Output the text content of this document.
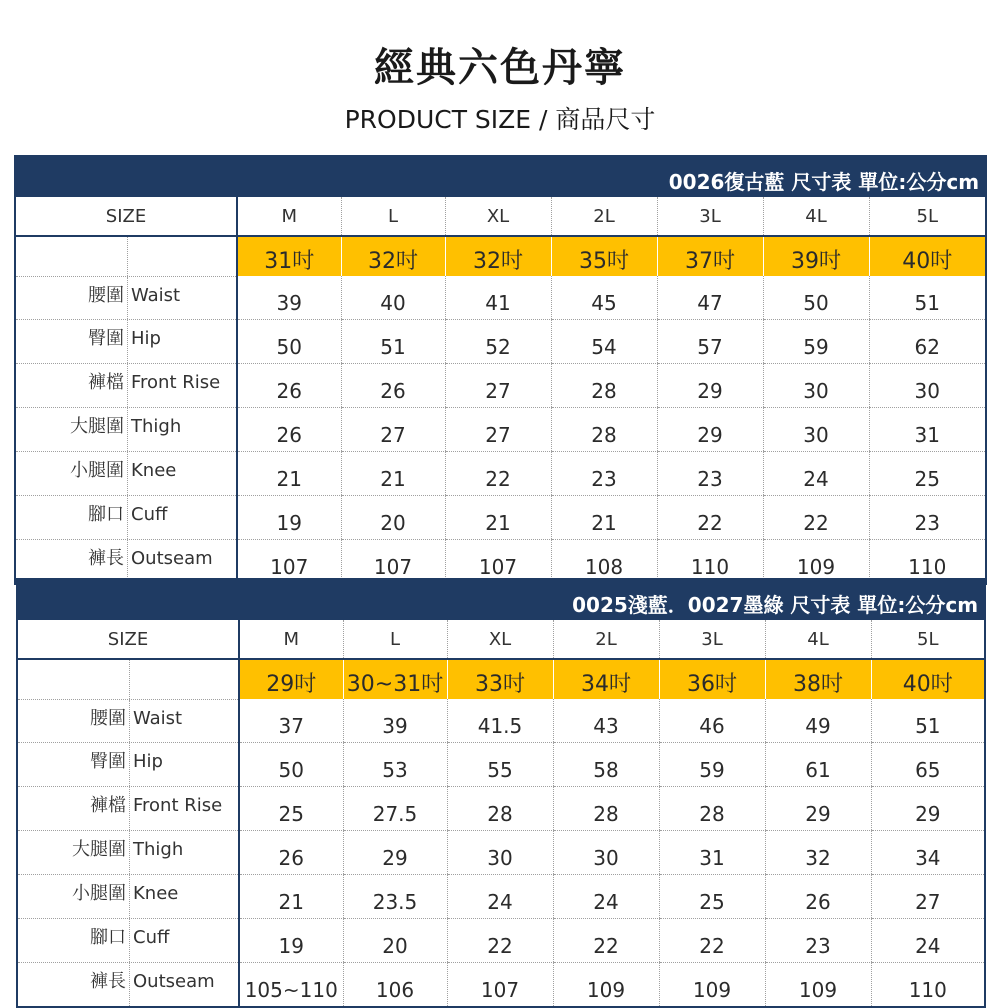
經典六色丹寧
PRODUCT SIZE / 商品尺寸
0026復古藍 尺寸表 單位:公分cm							
SIZE	M	L	XL	2L	3L	4L	5L

	31吋	32吋	32吋	35吋	37吋	39吋	40吋

腰圍 Waist	39	40	41	45	47	50	51

臀圍 Hip	50	51	52	54	57	59	62

褲檔 Front Rise	26	26	27	28	29	30	30

大腿圍 Thigh	26	27	27	28	29	30	31

小腿圍 Knee	21	21	22	23	23	24	25

腳口 Cuff	19	20	21	21	22	22	23

褲長 Outseam	107	107	107	108	110	109	110
0025淺藍．0027墨綠 尺寸表 單位:公分cm							
SIZE	M	L	XL	2L	3L	4L	5L

	29吋	30~31吋	33吋	34吋	36吋	38吋	40吋

腰圍 Waist	37	39	41.5	43	46	49	51

臀圍 Hip	50	53	55	58	59	61	65

褲檔 Front Rise	25	27.5	28	28	28	29	29

大腿圍 Thigh	26	29	30	30	31	32	34

小腿圍 Knee	21	23.5	24	24	25	26	27

腳口 Cuff	19	20	22	22	22	23	24

褲長 Outseam	105~110	106	107	109	109	109	110
